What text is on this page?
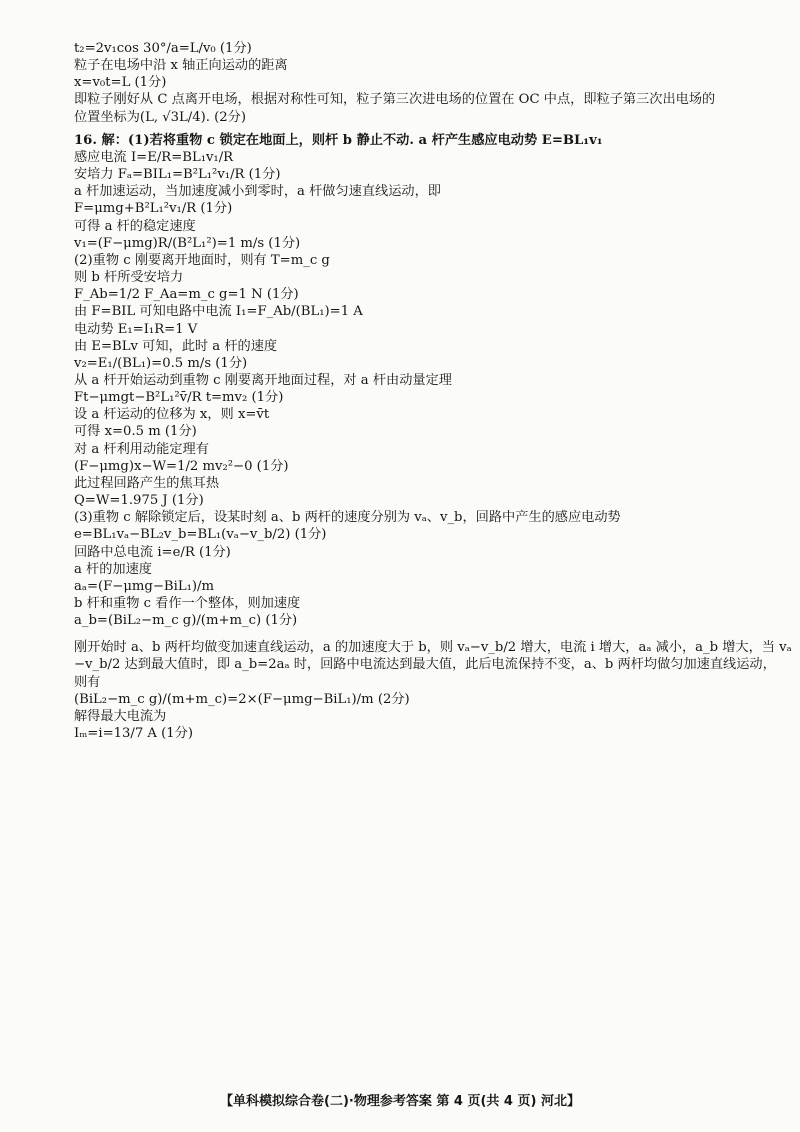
t₂=2v₁cos 30°/a=L/v₀ (1分)

粒子在电场中沿 x 轴正向运动的距离

x=v₀t=L (1分)

即粒子刚好从 C 点离开电场，根据对称性可知，粒子第三次进电场的位置在 OC 中点，即粒子第三次出电场的

位置坐标为(L, √3L/4). (2分)

16. 解：(1)若将重物 c 锁定在地面上，则杆 b 静止不动. a 杆产生感应电动势 E=BL₁v₁

感应电流 I=E/R=BL₁v₁/R

安培力 Fₐ=BIL₁=B²L₁²v₁/R (1分)

a 杆加速运动，当加速度减小到零时，a 杆做匀速直线运动，即

F=μmg+B²L₁²v₁/R (1分)

可得 a 杆的稳定速度

v₁=(F−μmg)R/(B²L₁²)=1 m/s (1分)

(2)重物 c 刚要离开地面时，则有 T=m_c g

则 b 杆所受安培力

F_Ab=1/2 F_Aa=m_c g=1 N (1分)

由 F=BIL 可知电路中电流 I₁=F_Ab/(BL₁)=1 A

电动势 E₁=I₁R=1 V

由 E=BLv 可知，此时 a 杆的速度

v₂=E₁/(BL₁)=0.5 m/s (1分)

从 a 杆开始运动到重物 c 刚要离开地面过程，对 a 杆由动量定理

Ft−μmgt−B²L₁²v̄/R t=mv₂ (1分)

设 a 杆运动的位移为 x，则 x=v̄t

可得 x=0.5 m (1分)

对 a 杆利用动能定理有

(F−μmg)x−W=1/2 mv₂²−0 (1分)

此过程回路产生的焦耳热

Q=W=1.975 J (1分)

(3)重物 c 解除锁定后，设某时刻 a、b 两杆的速度分别为 vₐ、v_b，回路中产生的感应电动势

e=BL₁vₐ−BL₂v_b=BL₁(vₐ−v_b/2) (1分)

回路中总电流 i=e/R (1分)

a 杆的加速度

aₐ=(F−μmg−BiL₁)/m

b 杆和重物 c 看作一个整体，则加速度

a_b=(BiL₂−m_c g)/(m+m_c) (1分)

刚开始时 a、b 两杆均做变加速直线运动，a 的加速度大于 b，则 vₐ−v_b/2 增大，电流 i 增大，aₐ 减小，a_b 增大，当 vₐ

−v_b/2 达到最大值时，即 a_b=2aₐ 时，回路中电流达到最大值，此后电流保持不变，a、b 两杆均做匀加速直线运动，

则有

(BiL₂−m_c g)/(m+m_c)=2×(F−μmg−BiL₁)/m (2分)

解得最大电流为

Iₘ=i=13/7 A (1分)

【单科模拟综合卷(二)·物理参考答案 第 4 页(共 4 页) 河北】
